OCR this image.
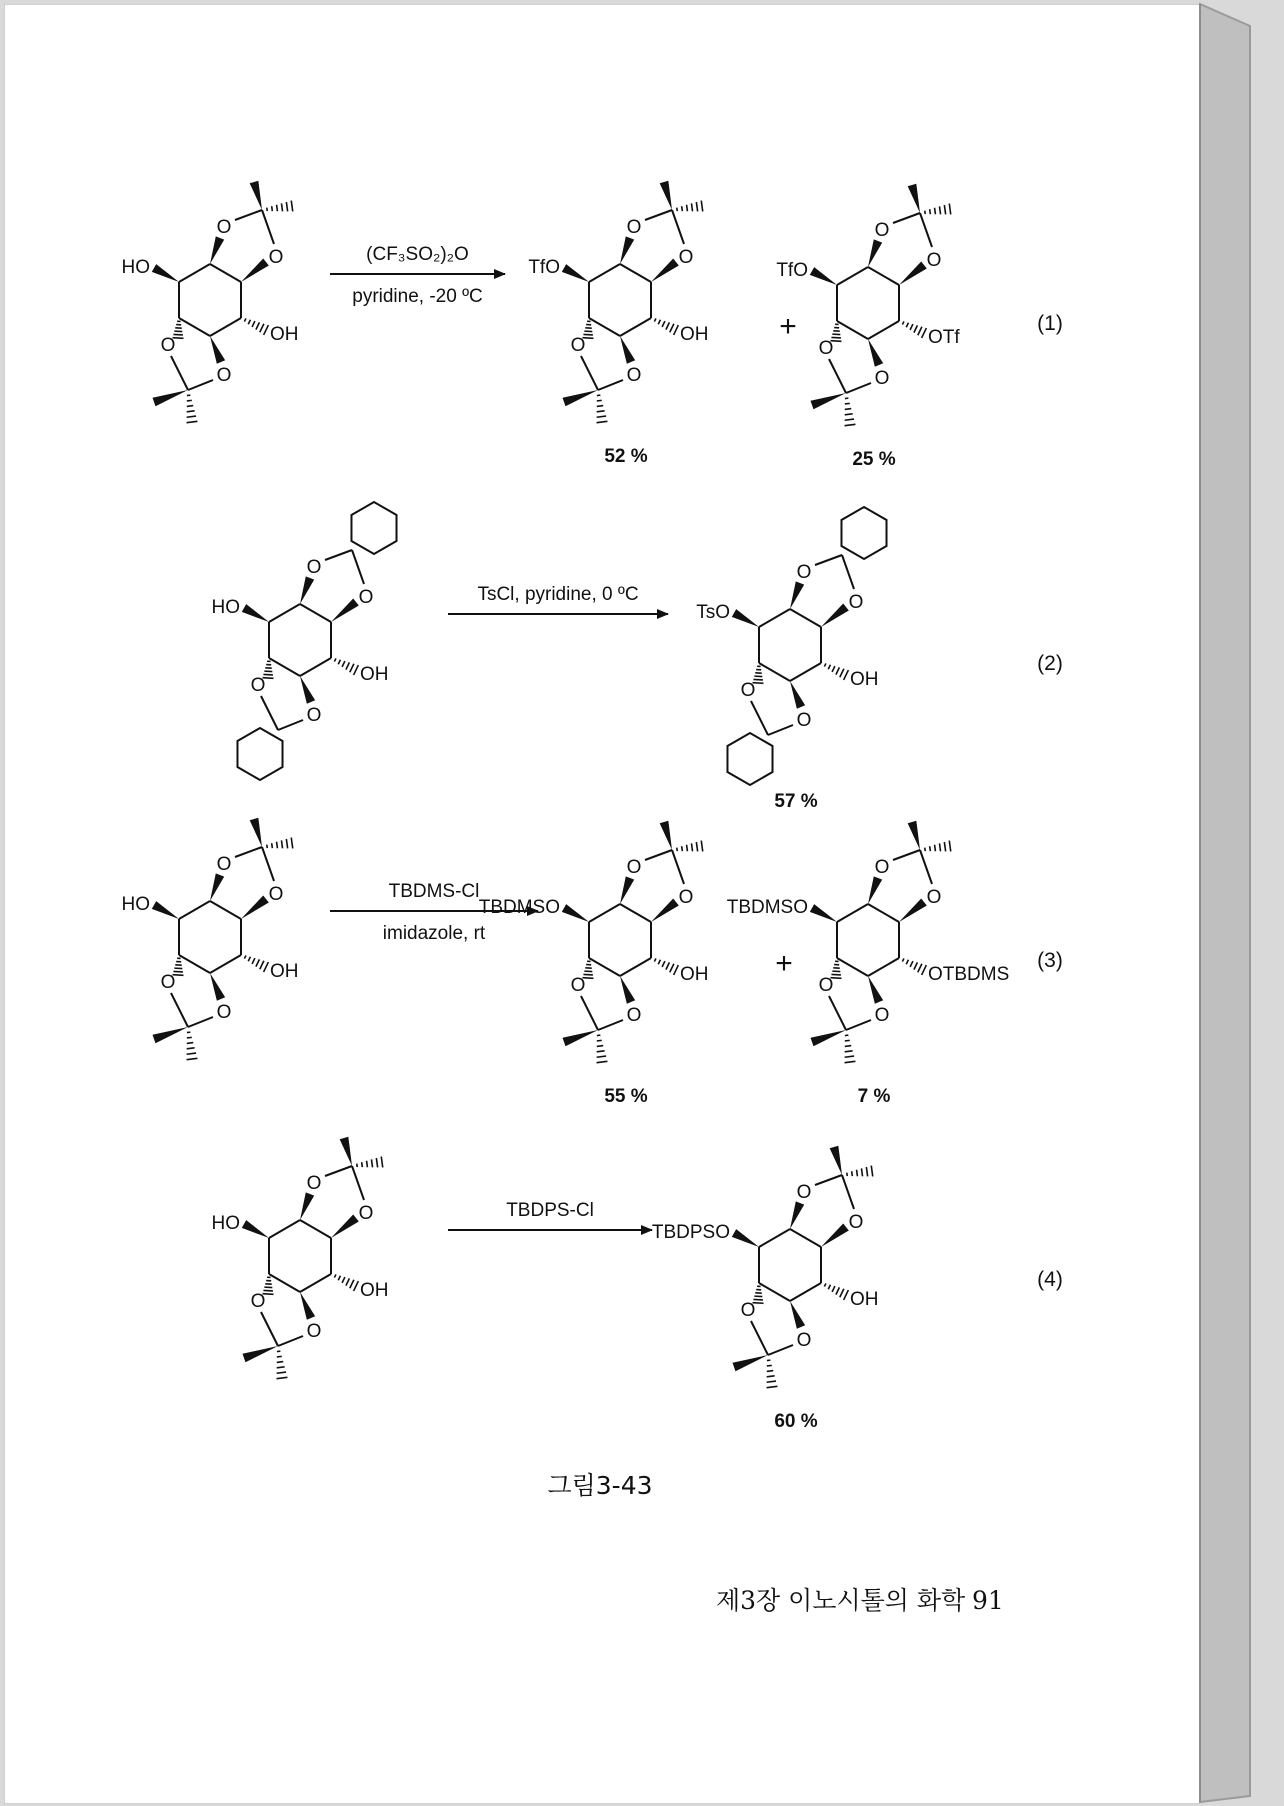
O
O
O
O
HO
OH
(CF₃SO₂)₂O
pyridine, -20 ºC
O
O
O
O
TfO
OH
52 %
O
O
O
O
TfO
OTf
25 %
+	(1)
O
O
O
O
HO
OH
TsCl, pyridine, 0 ºC
O
O
O
O
TsO
OH
57 %
(2)
O
O
O
O
HO
OH
TBDMS-Cl
imidazole, rt
O
O
O
O
TBDMSO
OH
55 %
O
O
O
O
TBDMSO
OTBDMS
7 %
+	(3)
O
O
O
O
HO
OH
TBDPS-Cl
O
O
O
O
TBDPSO
OH
60 %
(4)
그림3-43
제3장 이노시톨의 화학 91
